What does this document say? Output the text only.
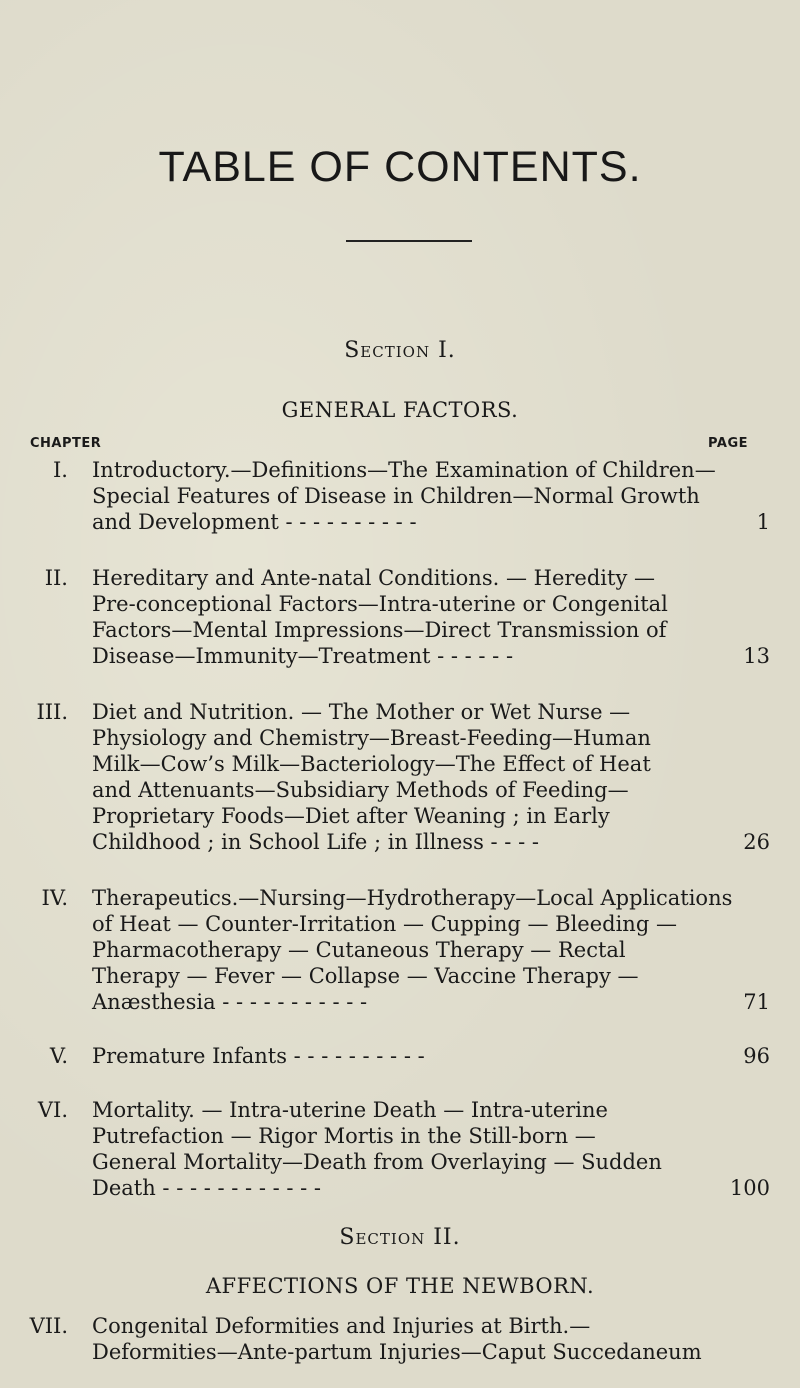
TABLE OF CONTENTS.
Section I.
GENERAL FACTORS.
CHAPTER	PAGE
I. Introductory.—Definitions—The Examination of Children—
Special Features of Disease in Children—Normal Growth
and Development - - - - - - - - - -	1
II. Hereditary and Ante-natal Conditions. — Heredity —
Pre-conceptional Factors—Intra-uterine or Congenital
Factors—Mental Impressions—Direct Transmission of
Disease—Immunity—Treatment - - - - - -	13
III. Diet and Nutrition. — The Mother or Wet Nurse —
Physiology and Chemistry—Breast-Feeding—Human
Milk—Cow’s Milk—Bacteriology—The Effect of Heat
and Attenuants—Subsidiary Methods of Feeding—
Proprietary Foods—Diet after Weaning ; in Early
Childhood ; in School Life ; in Illness - - - -	26
IV. Therapeutics.—Nursing—Hydrotherapy—Local Applications
of Heat — Counter-Irritation — Cupping — Bleeding —
Pharmacotherapy — Cutaneous Therapy — Rectal
Therapy — Fever — Collapse — Vaccine Therapy —
Anæsthesia - - - - - - - - - - -	71
V. Premature Infants - - - - - - - - - -	96
VI. Mortality. — Intra-uterine Death — Intra-uterine
Putrefaction — Rigor Mortis in the Still-born —
General Mortality—Death from Overlaying — Sudden
Death - - - - - - - - - - - -	100
Section II.
AFFECTIONS OF THE NEWBORN.
VII. Congenital Deformities and Injuries at Birth.—
Deformities—Ante-partum Injuries—Caput Succedaneum
